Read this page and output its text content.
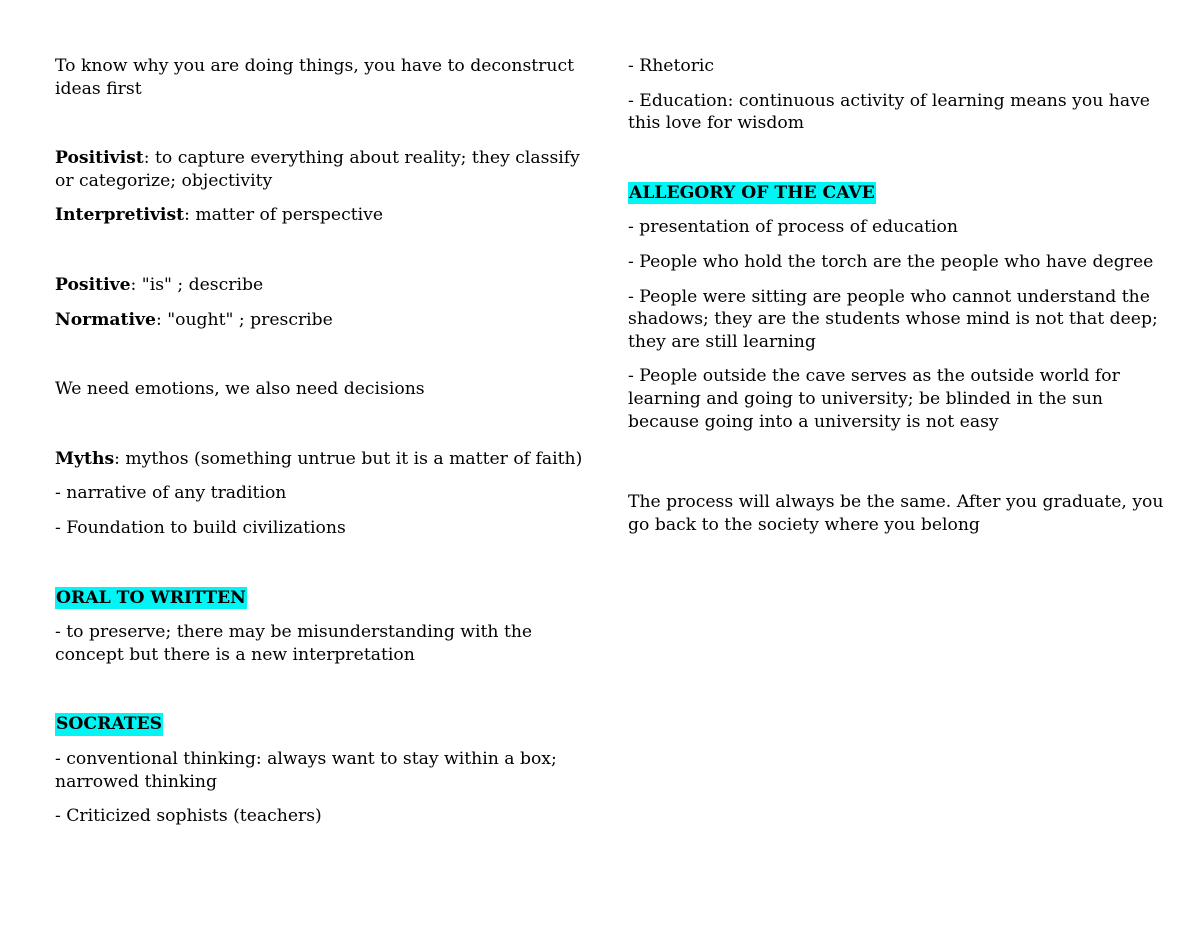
To know why you are doing things, you have to deconstruct ideas first

Positivist: to capture everything about reality; they classify or categorize; objectivity

Interpretivist: matter of perspective

Positive: "is" ; describe

Normative: "ought" ; prescribe

We need emotions, we also need decisions

Myths: mythos (something untrue but it is a matter of faith)

- narrative of any tradition

- Foundation to build civilizations

ORAL TO WRITTEN

- to preserve; there may be misunderstanding with the concept but there is a new interpretation

SOCRATES

- conventional thinking: always want to stay within a box; narrowed thinking

- Criticized sophists (teachers)

- Rhetoric

- Education: continuous activity of learning means you have this love for wisdom

ALLEGORY OF THE CAVE

- presentation of process of education

- People who hold the torch are the people who have degree

- People were sitting are people who cannot understand the shadows; they are the students whose mind is not that deep; they are still learning

- People outside the cave serves as the outside world for learning and going to university; be blinded in the sun because going into a university is not easy

The process will always be the same. After you graduate, you go back to the society where you belong
